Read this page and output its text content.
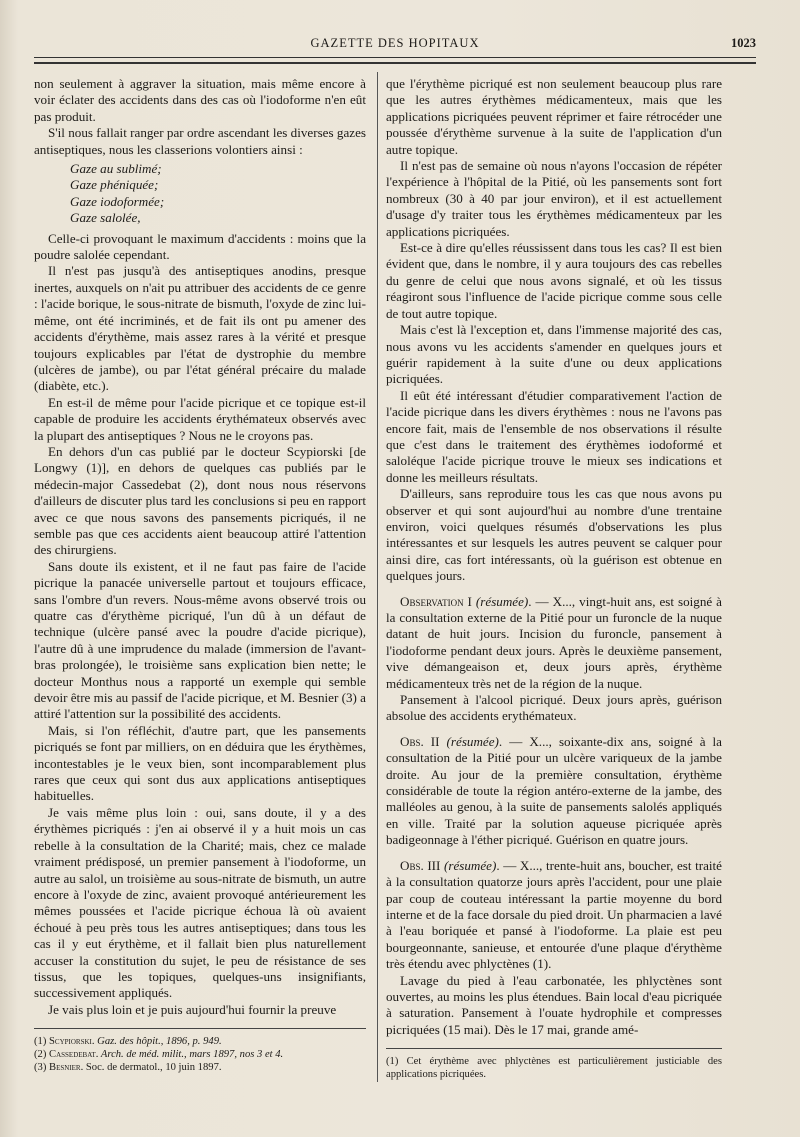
GAZETTE DES HOPITAUX	1023

non seulement à aggraver la situation, mais même encore à voir éclater des accidents dans des cas où l'iodoforme n'en eût pas produit.

S'il nous fallait ranger par ordre ascendant les diverses gazes antiseptiques, nous les classerions volontiers ainsi :

Gaze au sublimé;
Gaze phéniquée;
Gaze iodoformée;
Gaze salolée,

Celle-ci provoquant le maximum d'accidents : moins que la poudre salolée cependant.

Il n'est pas jusqu'à des antiseptiques anodins, presque inertes, auxquels on n'ait pu attribuer des accidents de ce genre : l'acide borique, le sous-nitrate de bismuth, l'oxyde de zinc lui-même, ont été incriminés, et de fait ils ont pu amener des accidents d'érythème, mais assez rares à la vérité et presque toujours explicables par l'état de dystrophie du membre (ulcères de jambe), ou par l'état général précaire du malade (diabète, etc.).

En est-il de même pour l'acide picrique et ce topique est-il capable de produire les accidents érythémateux observés avec la plupart des antiseptiques ? Nous ne le croyons pas.

En dehors d'un cas publié par le docteur Scypiorski [de Longwy (1)], en dehors de quelques cas publiés par le médecin-major Cassedebat (2), dont nous nous réservons d'ailleurs de discuter plus tard les conclusions si peu en rapport avec ce que nous savons des pansements picriqués, il ne semble pas que ces accidents aient beaucoup attiré l'attention des chirurgiens.

Sans doute ils existent, et il ne faut pas faire de l'acide picrique la panacée universelle partout et toujours efficace, sans l'ombre d'un revers. Nous-même avons observé trois ou quatre cas d'érythème picriqué, l'un dû à un défaut de technique (ulcère pansé avec la poudre d'acide picrique), l'autre dû à une imprudence du malade (immersion de l'avant-bras prolongée), le troisième sans explication bien nette; le docteur Monthus nous a rapporté un exemple qui semble devoir être mis au passif de l'acide picrique, et M. Besnier (3) a attiré l'attention sur la possibilité des accidents.

Mais, si l'on réfléchit, d'autre part, que les pansements picriqués se font par milliers, on en déduira que les érythèmes, incontestables je le veux bien, sont incomparablement plus rares que ceux qui sont dus aux applications antiseptiques habituelles.

Je vais même plus loin : oui, sans doute, il y a des érythèmes picriqués : j'en ai observé il y a huit mois un cas rebelle à la consultation de la Charité; mais, chez ce malade vraiment prédisposé, un premier pansement à l'iodoforme, un autre au salol, un troisième au sous-nitrate de bismuth, un autre encore à l'oxyde de zinc, avaient provoqué antérieurement les mêmes poussées et l'acide picrique échoua là où avaient échoué à peu près tous les autres antiseptiques; dans tous les cas il y eut érythème, et il fallait bien plus naturellement accuser la constitution du sujet, le peu de résistance de ses tissus, que les topiques, quelques-uns insignifiants, successivement appliqués.

Je vais plus loin et je puis aujourd'hui fournir la preuve

(1) Scypiorski. Gaz. des hôpit., 1896, p. 949.

(2) Cassedebat. Arch. de méd. milit., mars 1897, nos 3 et 4.

(3) Besnier. Soc. de dermatol., 10 juin 1897.

que l'érythème picriqué est non seulement beaucoup plus rare que les autres érythèmes médicamenteux, mais que les applications picriquées peuvent réprimer et faire rétrocéder une poussée d'érythème survenue à la suite de l'application d'un autre topique.

Il n'est pas de semaine où nous n'ayons l'occasion de répéter l'expérience à l'hôpital de la Pitié, où les pansements sont fort nombreux (30 à 40 par jour environ), et il est actuellement d'usage d'y traiter tous les érythèmes médicamenteux par les applications picriquées.

Est-ce à dire qu'elles réussissent dans tous les cas? Il est bien évident que, dans le nombre, il y aura toujours des cas rebelles du genre de celui que nous avons signalé, et où les tissus réagiront sous l'influence de l'acide picrique comme sous celle de tout autre topique.

Mais c'est là l'exception et, dans l'immense majorité des cas, nous avons vu les accidents s'amender en quelques jours et guérir rapidement à la suite d'une ou deux applications picriquées.

Il eût été intéressant d'étudier comparativement l'action de l'acide picrique dans les divers érythèmes : nous ne l'avons pas encore fait, mais de l'ensemble de nos observations il résulte que c'est dans le traitement des érythèmes iodoformé et saloléque l'acide picrique trouve le mieux ses indications et donne les meilleurs résultats.

D'ailleurs, sans reproduire tous les cas que nous avons pu observer et qui sont aujourd'hui au nombre d'une trentaine environ, voici quelques résumés d'observations les plus intéressantes et sur lesquels les autres peuvent se calquer pour ainsi dire, cas fort intéressants, où la guérison est obtenue en quelques jours.

Observation I (résumée). — X..., vingt-huit ans, est soigné à la consultation externe de la Pitié pour un furoncle de la nuque datant de huit jours. Incision du furoncle, pansement à l'iodoforme pendant deux jours. Après le deuxième pansement, vive démangeaison et, deux jours après, érythème médicamenteux très net de la région de la nuque.

Pansement à l'alcool picriqué. Deux jours après, guérison absolue des accidents erythémateux.

Obs. II (résumée). — X..., soixante-dix ans, soigné à la consultation de la Pitié pour un ulcère variqueux de la jambe droite. Au jour de la première consultation, érythème considérable de toute la région antéro-externe de la jambe, des malléoles au genou, à la suite de pansements salolés appliqués en ville. Traité par la solution aqueuse picriquée après badigeonnage à l'éther picriqué. Guérison en quatre jours.

Obs. III (résumée). — X..., trente-huit ans, boucher, est traité à la consultation quatorze jours après l'accident, pour une plaie par coup de couteau intéressant la partie moyenne du bord interne et de la face dorsale du pied droit. Un pharmacien a lavé à l'eau boriquée et pansé à l'iodoforme. La plaie est peu bourgeonnante, sanieuse, et entourée d'une plaque d'érythème très étendu avec phlyctènes (1).

Lavage du pied à l'eau carbonatée, les phlyctènes sont ouvertes, au moins les plus étendues. Bain local d'eau picriquée à saturation. Pansement à l'ouate hydrophile et compresses picriquées (15 mai). Dès le 17 mai, grande amé-

(1) Cet érythème avec phlyctènes est particulièrement justiciable des applications picriquées.
